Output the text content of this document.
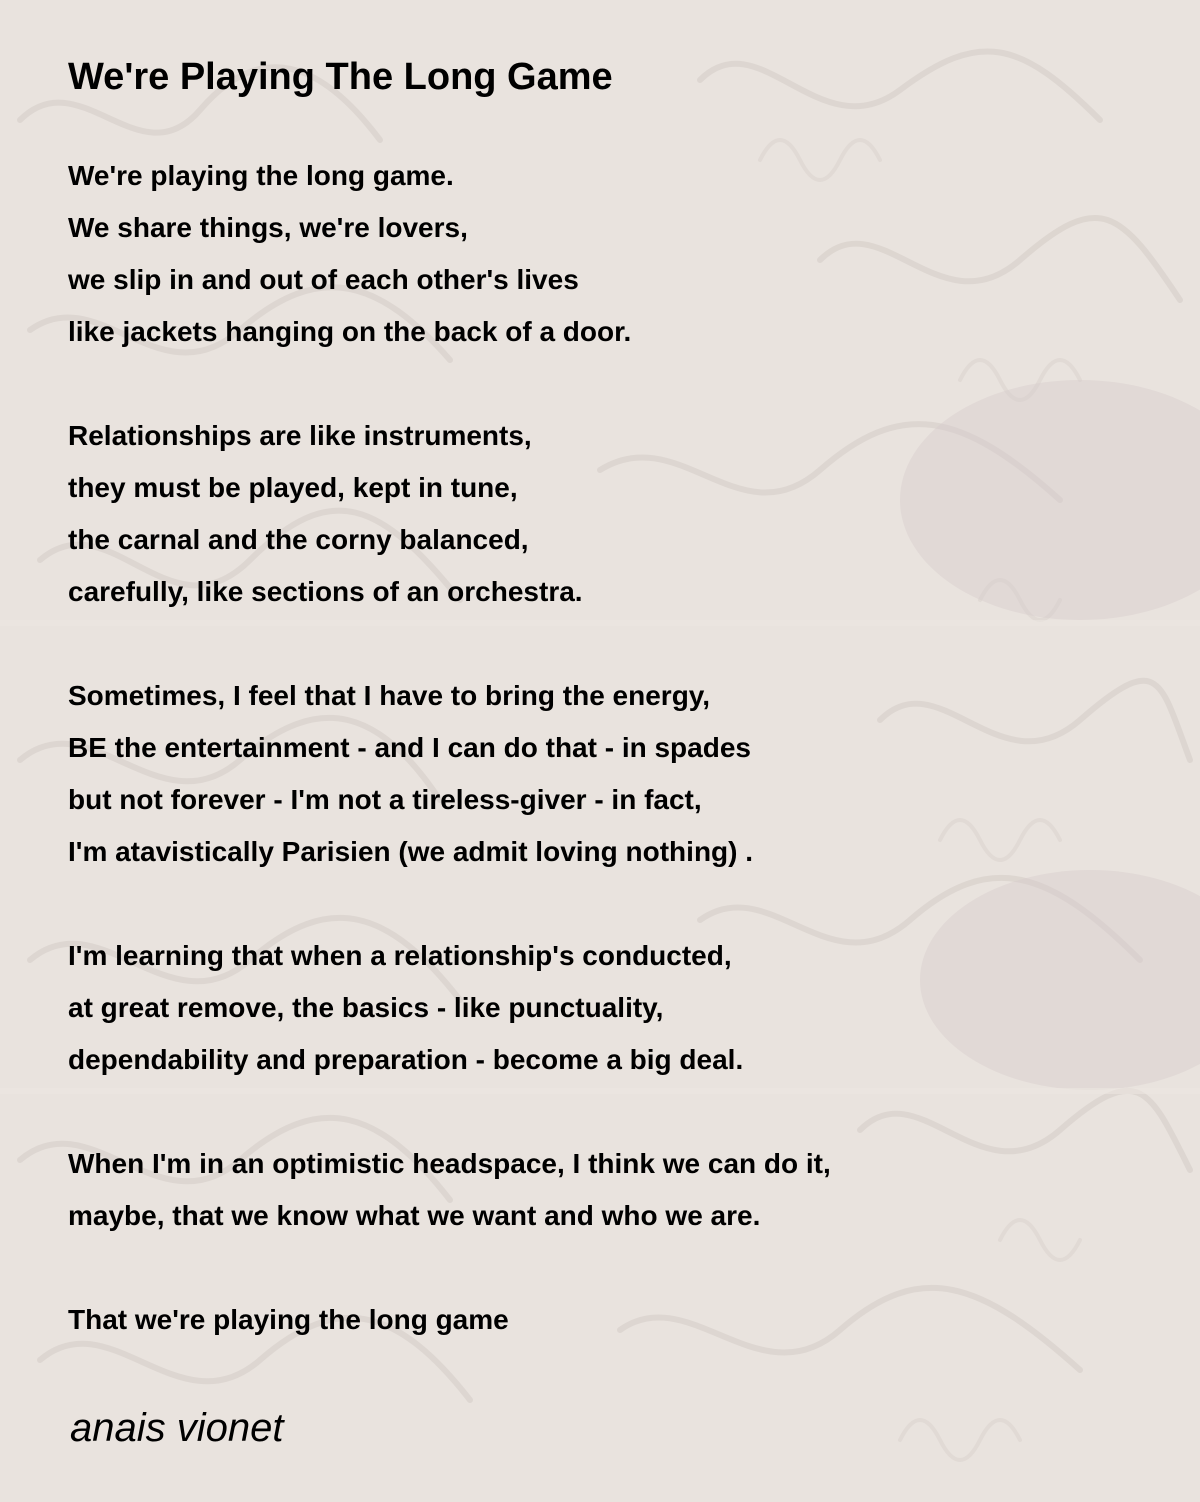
We're Playing The Long Game
We're playing the long game.
We share things, we're lovers,
we slip in and out of each other's lives
like jackets hanging on the back of a door.
Relationships are like instruments,
they must be played, kept in tune,
the carnal and the corny balanced,
carefully, like sections of an orchestra.
Sometimes, I feel that I have to bring the energy,
BE the entertainment - and I can do that - in spades
but not forever - I'm not a tireless-giver - in fact,
I'm atavistically Parisien (we admit loving nothing) .
I'm learning that when a relationship's conducted,
at great remove, the basics - like punctuality,
dependability and preparation - become a big deal.
When I'm in an optimistic headspace, I think we can do it,
maybe, that we know what we want and who we are.
That we're playing the long game
anais vionet
